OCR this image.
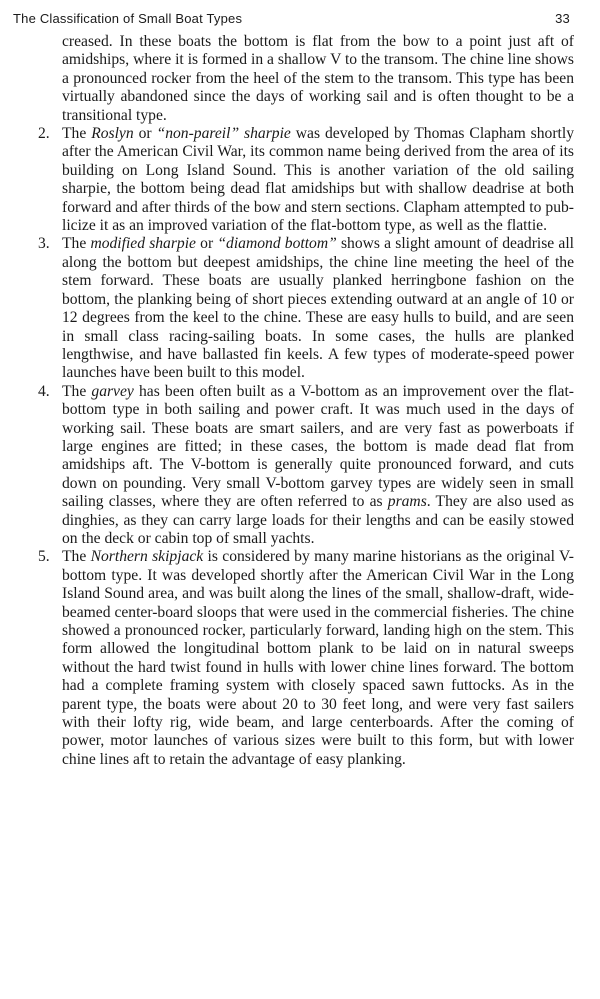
The Classification of Small Boat Types	33

creased. In these boats the bottom is flat from the bow to a point just aft of amidships, where it is formed in a shallow V to the transom. The chine line shows a pronounced rocker from the heel of the stem to the transom. This type has been virtually abandoned since the days of working sail and is often thought to be a transitional type.

2. The Roslyn or “non-pareil” sharpie was developed by Thomas Clapham shortly after the American Civil War, its common name being derived from the area of its building on Long Island Sound. This is another variation of the old sailing sharpie, the bottom being dead flat amidships but with shallow deadrise at both forward and after thirds of the bow and stern sections. Clapham attempted to publicize it as an improved variation of the flat-bottom type, as well as the flattie.

3. The modified sharpie or “diamond bottom” shows a slight amount of deadrise all along the bottom but deepest amidships, the chine line meeting the heel of the stem forward. These boats are usually planked herringbone fashion on the bottom, the planking being of short pieces extending outward at an angle of 10 or 12 degrees from the keel to the chine. These are easy hulls to build, and are seen in small class racing-sailing boats. In some cases, the hulls are planked lengthwise, and have ballasted fin keels. A few types of moderate-speed power launches have been built to this model.

4. The garvey has been often built as a V-bottom as an improvement over the flat-bottom type in both sailing and power craft. It was much used in the days of working sail. These boats are smart sailers, and are very fast as powerboats if large engines are fitted; in these cases, the bottom is made dead flat from amidships aft. The V-bottom is generally quite pronounced forward, and cuts down on pounding. Very small V-bottom garvey types are widely seen in small sailing classes, where they are often referred to as prams. They are also used as dinghies, as they can carry large loads for their lengths and can be easily stowed on the deck or cabin top of small yachts.

5. The Northern skipjack is considered by many marine historians as the original V-bottom type. It was developed shortly after the American Civil War in the Long Island Sound area, and was built along the lines of the small, shallow-draft, wide-beamed center-board sloops that were used in the commercial fisheries. The chine showed a pronounced rocker, particularly forward, landing high on the stem. This form allowed the longitudinal bottom plank to be laid on in natural sweeps without the hard twist found in hulls with lower chine lines forward. The bottom had a complete framing system with closely spaced sawn futtocks. As in the parent type, the boats were about 20 to 30 feet long, and were very fast sailers with their lofty rig, wide beam, and large centerboards. After the coming of power, motor launches of various sizes were built to this form, but with lower chine lines aft to retain the advantage of easy planking.
